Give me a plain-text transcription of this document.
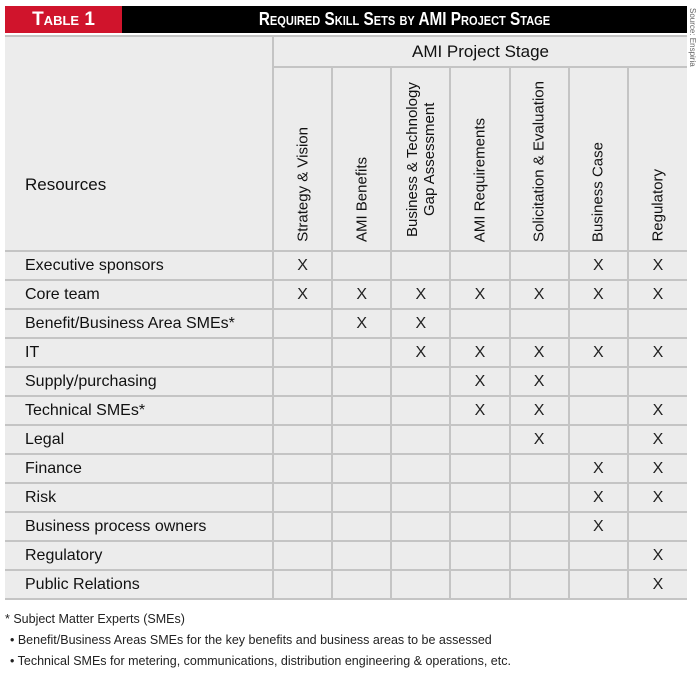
Table 1	Required Skill Sets by AMI Project Stage	Source: Enspiria
Resources	AMI Project Stage						

	Strategy & Vision	AMI Benefits	Business & Technology Gap Assessment	AMI Requirements	Solicitation & Evaluation	Business Case	Regulatory

Executive sponsors	X					X	X
Core team	X	X	X	X	X	X	X
Benefit/Business Area SMEs*		X	X				
IT			X	X	X	X	X
Supply/purchasing				X	X		
Technical SMEs*				X	X		X
Legal					X		X
Finance						X	X
Risk						X	X
Business process owners						X	
Regulatory							X
Public Relations							X
* Subject Matter Experts (SMEs)
• Benefit/Business Areas SMEs for the key benefits and business areas to be assessed
• Technical SMEs for metering, communications, distribution engineering & operations, etc.
